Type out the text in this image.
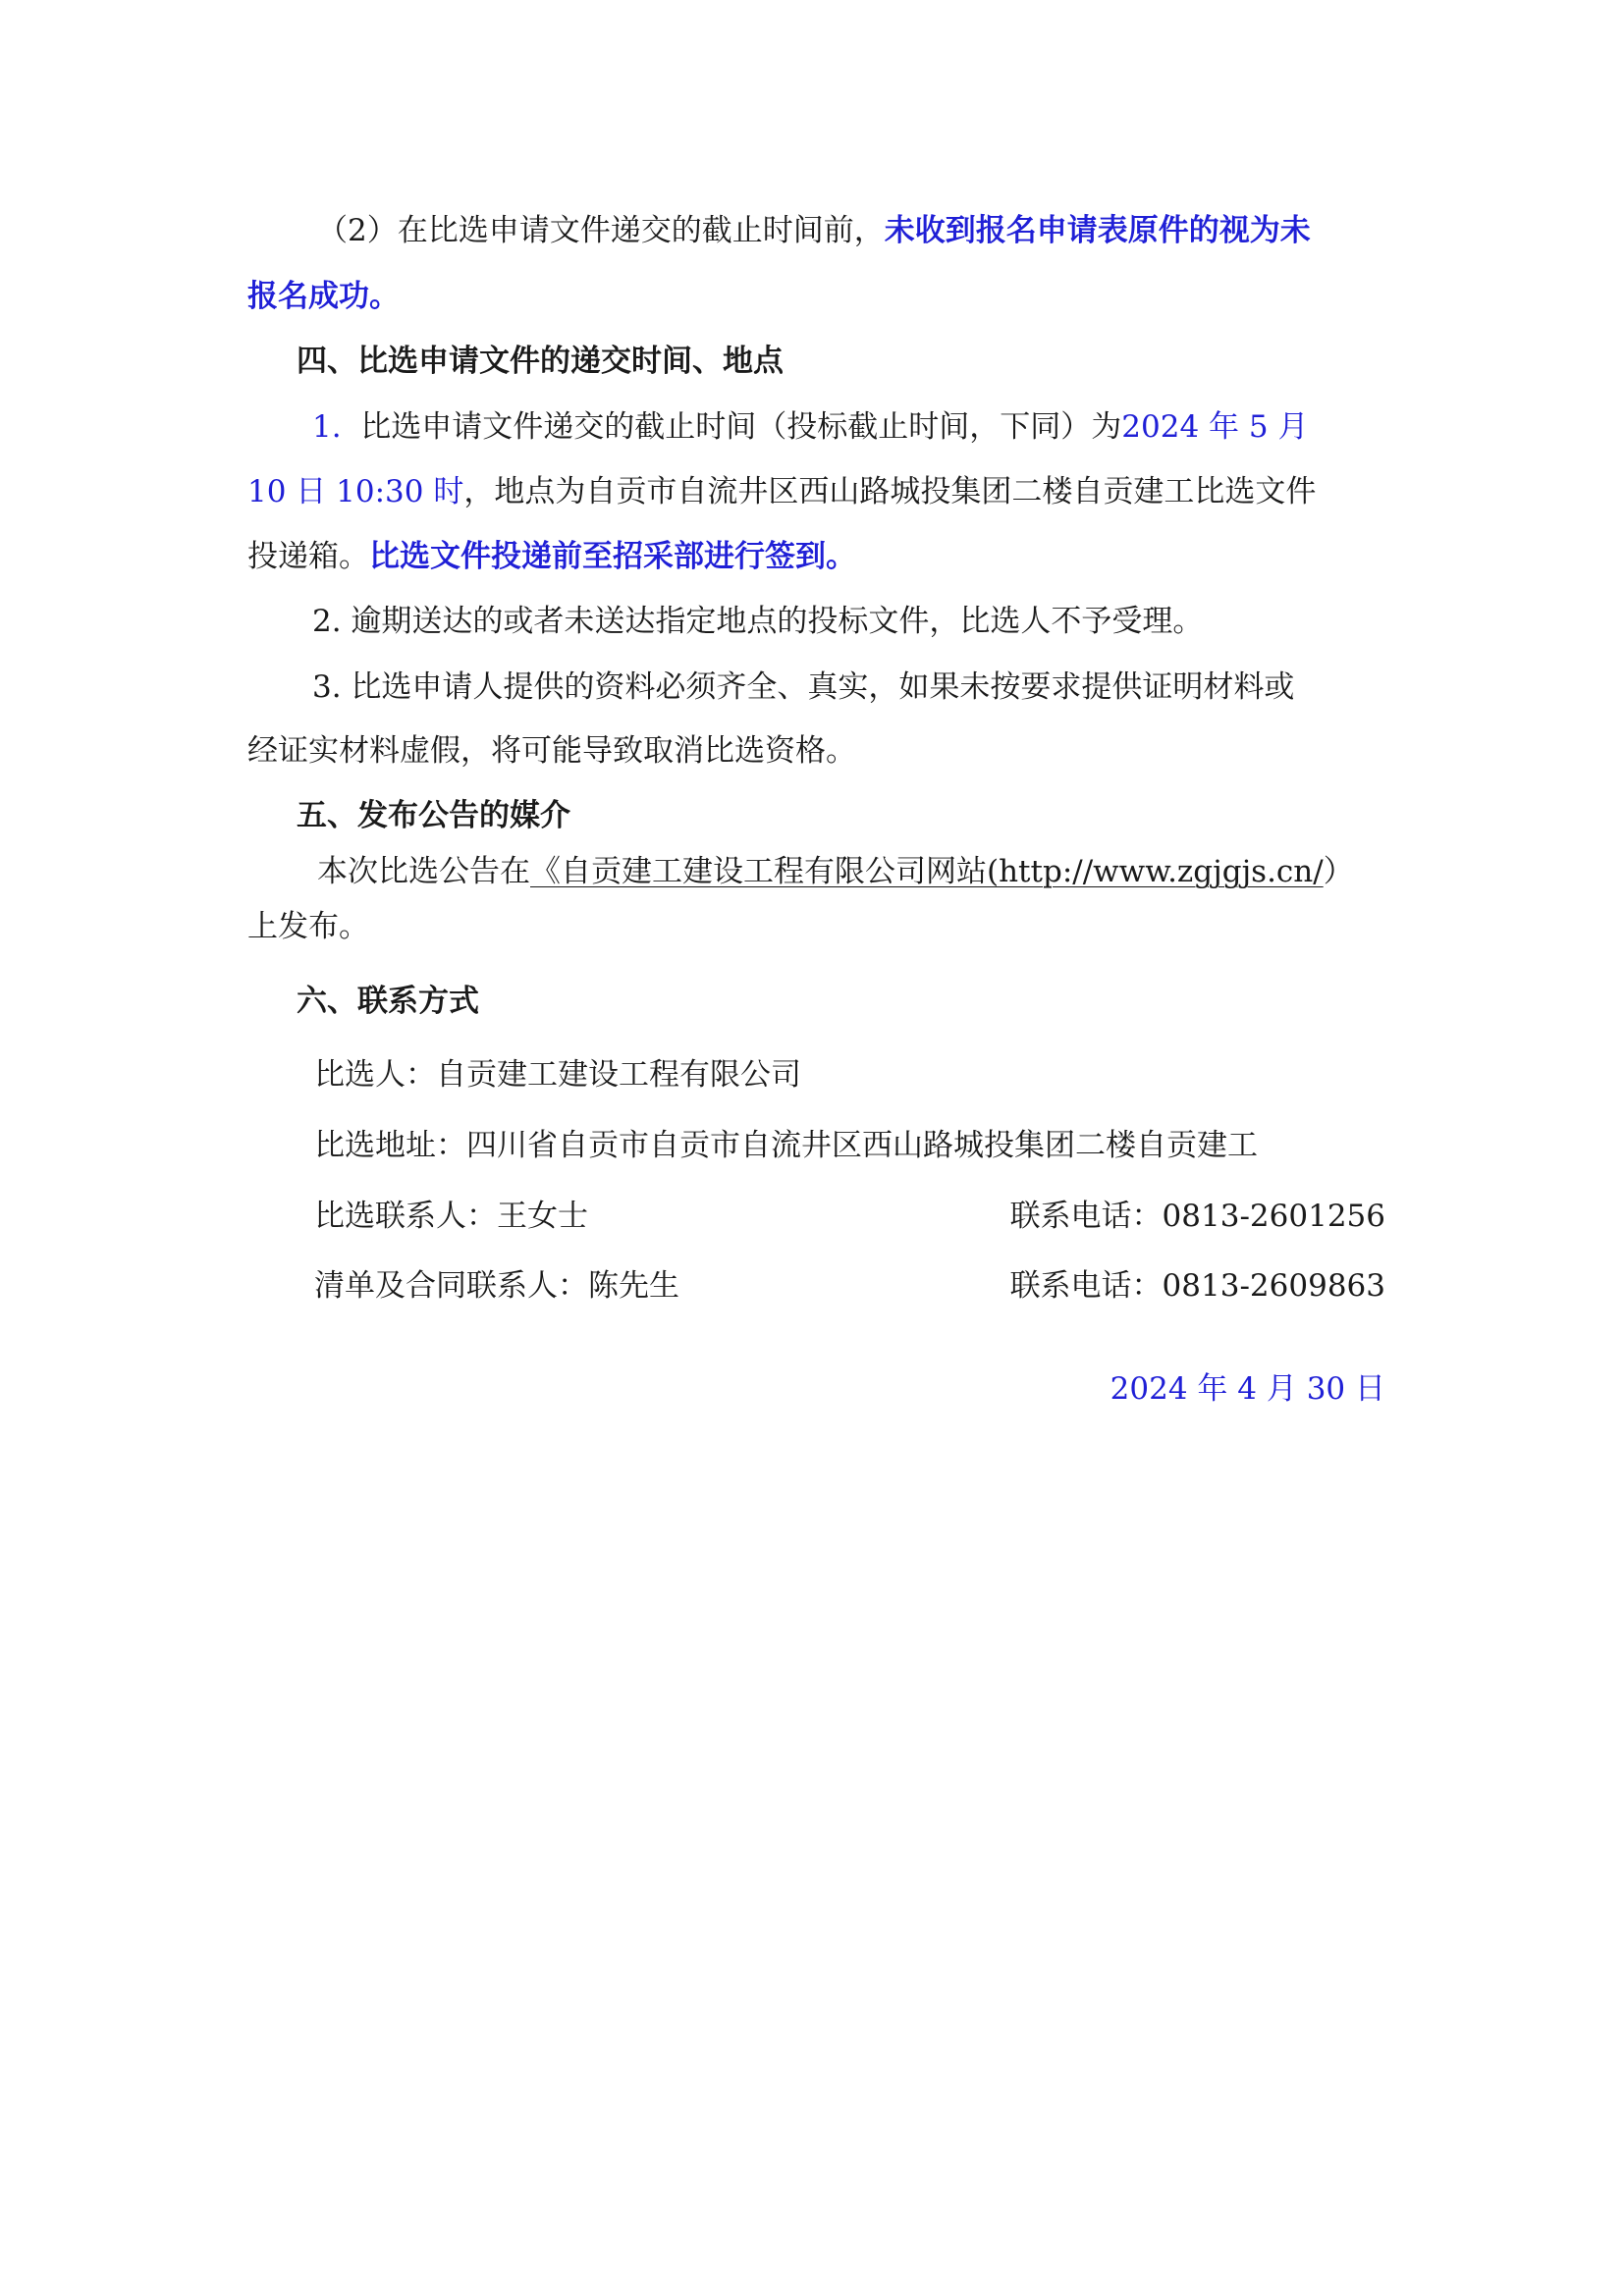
（2）在比选申请文件递交的截止时间前，未收到报名申请表原件的视为未

报名成功。

四、比选申请文件的递交时间、地点

1. 比选申请文件递交的截止时间（投标截止时间，下同）为2024 年 5 月

10 日 10:30 时，地点为自贡市自流井区西山路城投集团二楼自贡建工比选文件

投递箱。比选文件投递前至招采部进行签到。

2. 逾期送达的或者未送达指定地点的投标文件，比选人不予受理。

3. 比选申请人提供的资料必须齐全、真实，如果未按要求提供证明材料或

经证实材料虚假，将可能导致取消比选资格。

五、发布公告的媒介

本次比选公告在《自贡建工建设工程有限公司网站(http://www.zgjgjs.cn/）

上发布。

六、联系方式

比选人：自贡建工建设工程有限公司

比选地址：四川省自贡市自贡市自流井区西山路城投集团二楼自贡建工

比选联系人：王女士	联系电话：0813-2601256

清单及合同联系人：陈先生	联系电话：0813-2609863

2024 年 4 月 30 日
